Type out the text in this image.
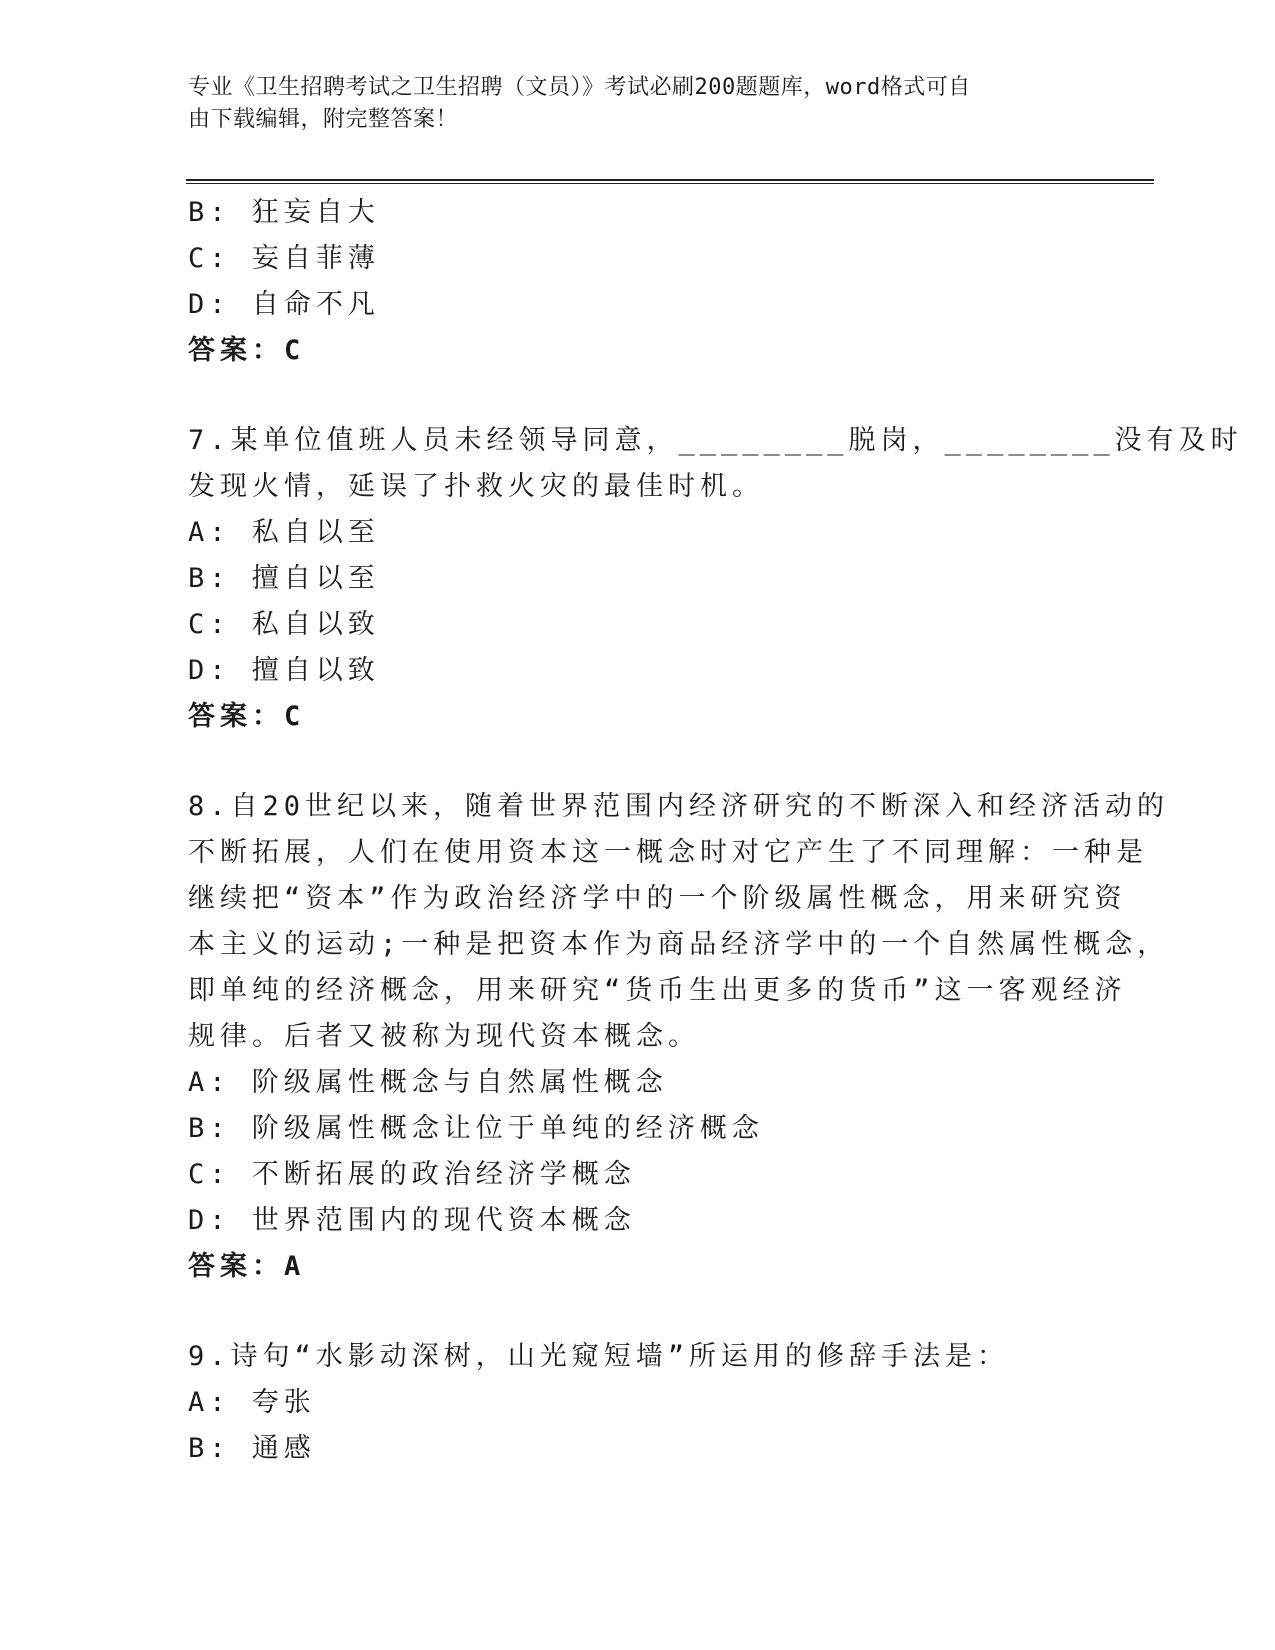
专业《卫生招聘考试之卫生招聘（文员）》考试必刷200题题库，word格式可自
由下载编辑，附完整答案！
B: 狂妄自大
C: 妄自菲薄
D: 自命不凡
答案：C
7.某单位值班人员未经领导同意，________脱岗，________没有及时
发现火情，延误了扑救火灾的最佳时机。
A: 私自以至
B: 擅自以至
C: 私自以致
D: 擅自以致
答案：C
8.自20世纪以来，随着世界范围内经济研究的不断深入和经济活动的
不断拓展，人们在使用资本这一概念时对它产生了不同理解：一种是
继续把“资本”作为政治经济学中的一个阶级属性概念，用来研究资
本主义的运动;一种是把资本作为商品经济学中的一个自然属性概念，
即单纯的经济概念，用来研究“货币生出更多的货币”这一客观经济
规律。后者又被称为现代资本概念。
A: 阶级属性概念与自然属性概念
B: 阶级属性概念让位于单纯的经济概念
C: 不断拓展的政治经济学概念
D: 世界范围内的现代资本概念
答案：A
9.诗句“水影动深树，山光窥短墙”所运用的修辞手法是：
A: 夸张
B: 通感
